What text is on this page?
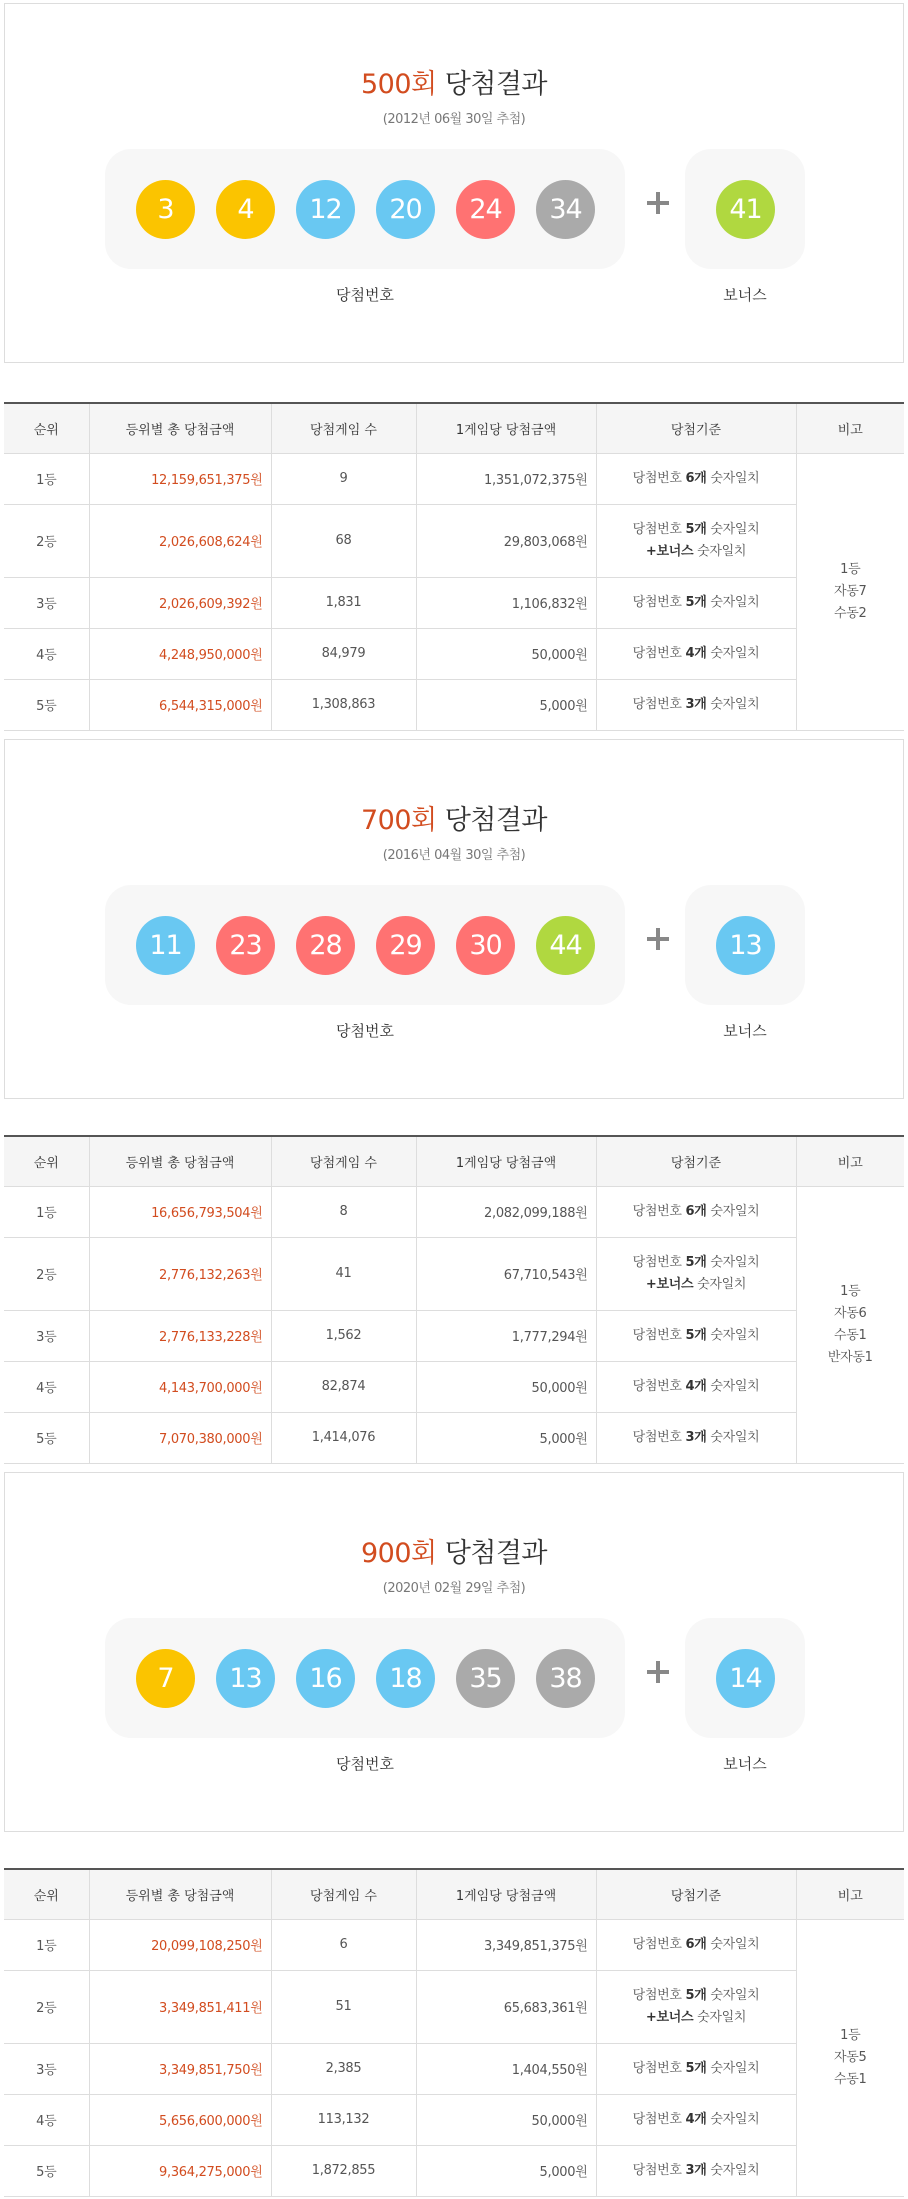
500회 당첨결과
(2012년 06월 30일 추첨)
3	4	12	20	24	34	41
당첨번호	보너스
순위	등위별 총 당첨금액	당첨게임 수	1게임당 당첨금액	당첨기준	비고
1등	12,159,651,375원	9	1,351,072,375원	당첨번호 6개 숫자일치	1등
자동7
수동2

2등	2,026,608,624원	68	29,803,068원	당첨번호 5개 숫자일치
+보너스 숫자일치	
3등	2,026,609,392원	1,831	1,106,832원	당첨번호 5개 숫자일치	
4등	4,248,950,000원	84,979	50,000원	당첨번호 4개 숫자일치	
5등	6,544,315,000원	1,308,863	5,000원	당첨번호 3개 숫자일치	
700회 당첨결과
(2016년 04월 30일 추첨)
11	23	28	29	30	44	13
당첨번호	보너스
순위	등위별 총 당첨금액	당첨게임 수	1게임당 당첨금액	당첨기준	비고
1등	16,656,793,504원	8	2,082,099,188원	당첨번호 6개 숫자일치	1등
자동6
수동1
반자동1

2등	2,776,132,263원	41	67,710,543원	당첨번호 5개 숫자일치
+보너스 숫자일치	
3등	2,776,133,228원	1,562	1,777,294원	당첨번호 5개 숫자일치	
4등	4,143,700,000원	82,874	50,000원	당첨번호 4개 숫자일치	
5등	7,070,380,000원	1,414,076	5,000원	당첨번호 3개 숫자일치	
900회 당첨결과
(2020년 02월 29일 추첨)
7	13	16	18	35	38	14
당첨번호	보너스
순위	등위별 총 당첨금액	당첨게임 수	1게임당 당첨금액	당첨기준	비고
1등	20,099,108,250원	6	3,349,851,375원	당첨번호 6개 숫자일치	1등
자동5
수동1

2등	3,349,851,411원	51	65,683,361원	당첨번호 5개 숫자일치
+보너스 숫자일치	
3등	3,349,851,750원	2,385	1,404,550원	당첨번호 5개 숫자일치	
4등	5,656,600,000원	113,132	50,000원	당첨번호 4개 숫자일치	
5등	9,364,275,000원	1,872,855	5,000원	당첨번호 3개 숫자일치	
